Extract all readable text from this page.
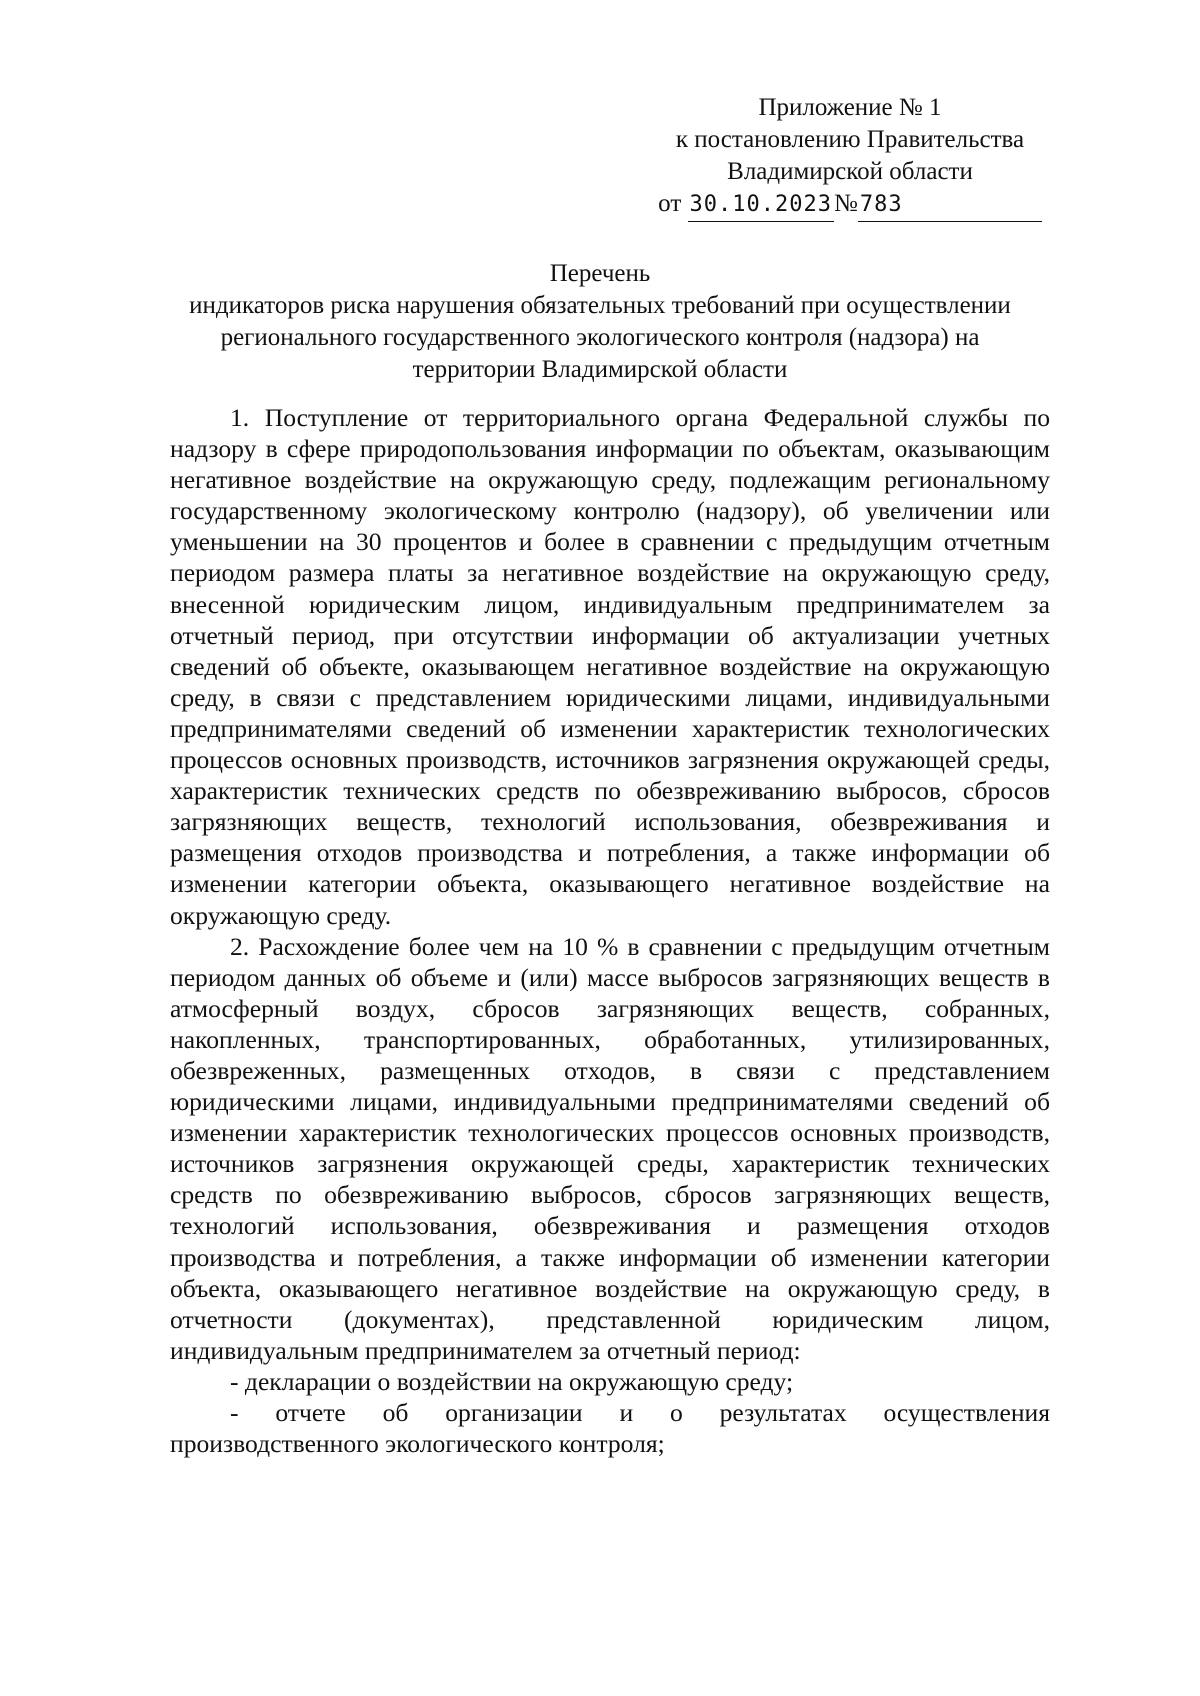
Приложение № 1
к постановлению Правительства
Владимирской области
от 30.10.2023№783
Перечень
индикаторов риска нарушения обязательных требований при осуществлении
регионального государственного экологического контроля (надзора) на
территории Владимирской области

1. Поступление от территориального органа Федеральной службы по надзору в сфере природопользования информации по объектам, оказывающим негативное воздействие на окружающую среду, подлежащим региональному государственному экологическому контролю (надзору), об увеличении или уменьшении на 30 процентов и более в сравнении с предыдущим отчетным периодом размера платы за негативное воздействие на окружающую среду, внесенной юридическим лицом, индивидуальным предпринимателем за отчетный период, при отсутствии информации об актуализации учетных сведений об объекте, оказывающем негативное воздействие на окружающую среду, в связи с представлением юридическими лицами, индивидуальными предпринимателями сведений об изменении характеристик технологических процессов основных производств, источников загрязнения окружающей среды, характеристик технических средств по обезвреживанию выбросов, сбросов загрязняющих веществ, технологий использования, обезвреживания и размещения отходов производства и потребления, а также информации об изменении категории объекта, оказывающего негативное воздействие на окружающую среду.

2. Расхождение более чем на 10 % в сравнении с предыдущим отчетным периодом данных об объеме и (или) массе выбросов загрязняющих веществ в атмосферный воздух, сбросов загрязняющих веществ, собранных, накопленных, транспортированных, обработанных, утилизированных, обезвреженных, размещенных отходов, в связи с представлением юридическими лицами, индивидуальными предпринимателями сведений об изменении характеристик технологических процессов основных производств, источников загрязнения окружающей среды, характеристик технических средств по обезвреживанию выбросов, сбросов загрязняющих веществ, технологий использования, обезвреживания и размещения отходов производства и потребления, а также информации об изменении категории объекта, оказывающего негативное воздействие на окружающую среду, в отчетности (документах), представленной юридическим лицом, индивидуальным предпринимателем за отчетный период:

- декларации о воздействии на окружающую среду;

- отчете об организации и о результатах осуществления производственного экологического контроля;
